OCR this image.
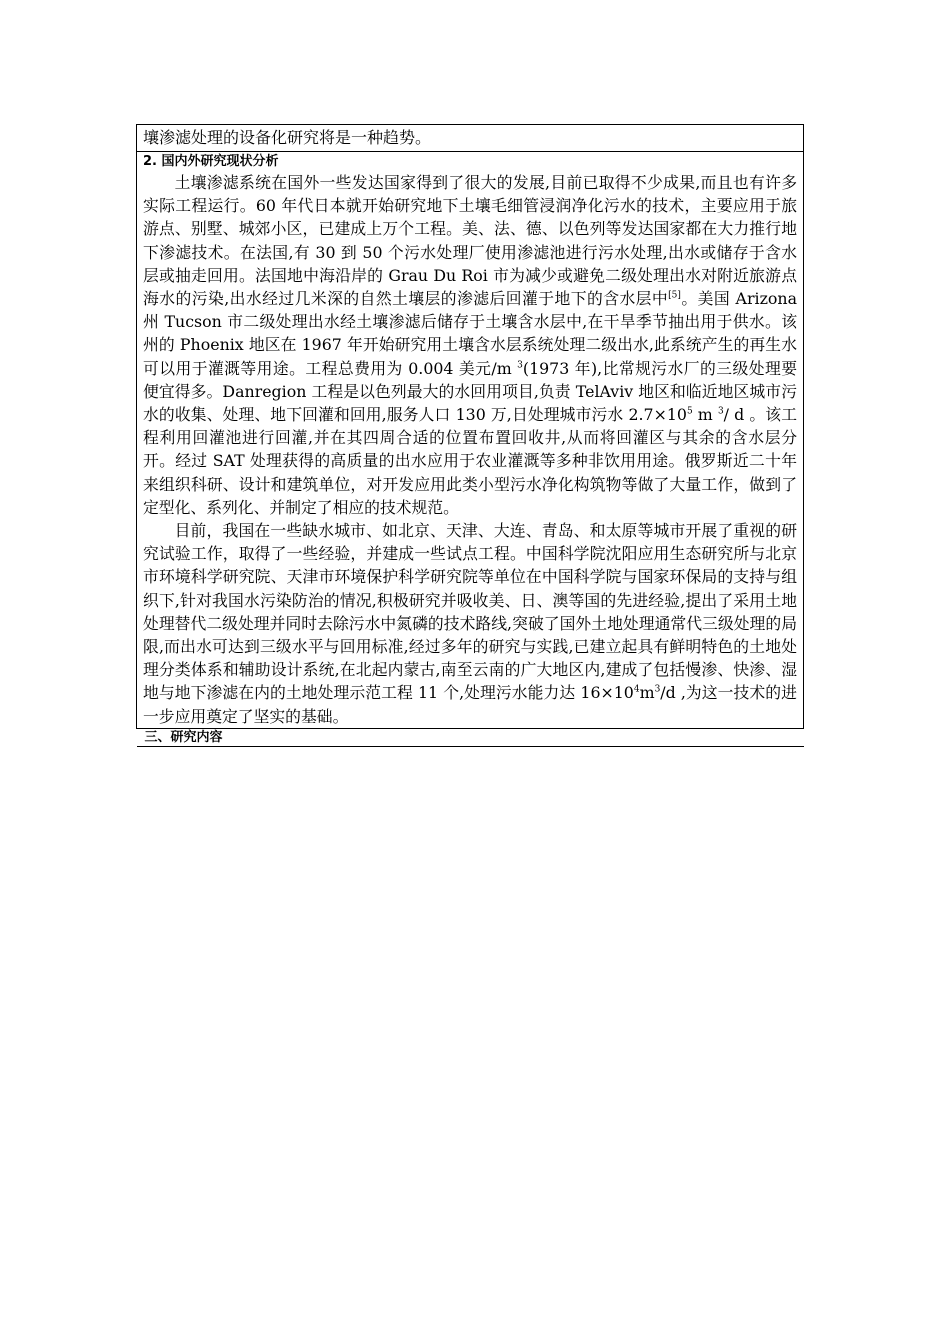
壤渗滤处理的设备化研究将是一种趋势。

2. 国内外研究现状分析

土壤渗滤系统在国外一些发达国家得到了很大的发展,目前已取得不少成果,而且也有许多实际工程运行。60 年代日本就开始研究地下土壤毛细管浸润净化污水的技术，主要应用于旅游点、别墅、城郊小区，已建成上万个工程。美、法、德、以色列等发达国家都在大力推行地下渗滤技术。在法国,有 30 到 50 个污水处理厂使用渗滤池进行污水处理,出水或储存于含水层或抽走回用。法国地中海沿岸的 Grau Du Roi 市为减少或避免二级处理出水对附近旅游点海水的污染,出水经过几米深的自然土壤层的渗滤后回灌于地下的含水层中[5]。美国 Arizona 州 Tucson 市二级处理出水经土壤渗滤后储存于土壤含水层中,在干旱季节抽出用于供水。该州的 Phoenix 地区在 1967 年开始研究用土壤含水层系统处理二级出水,此系统产生的再生水可以用于灌溉等用途。工程总费用为 0.004 美元/m $^3$(1973 年),比常规污水厂的三级处理要便宜得多。Danregion 工程是以色列最大的水回用项目,负责 TelAviv 地区和临近地区城市污水的收集、处理、地下回灌和回用,服务人口 130 万,日处理城市污水 $2.7\times 10^5$ m $^3$/ d 。该工程利用回灌池进行回灌,并在其四周合适的位置布置回收井,从而将回灌区与其余的含水层分开。经过 SAT 处理获得的高质量的出水应用于农业灌溉等多种非饮用用途。俄罗斯近二十年来组织科研、设计和建筑单位，对开发应用此类小型污水净化构筑物等做了大量工作，做到了定型化、系列化、并制定了相应的技术规范。

目前，我国在一些缺水城市、如北京、天津、大连、青岛、和太原等城市开展了重视的研究试验工作，取得了一些经验，并建成一些试点工程。中国科学院沈阳应用生态研究所与北京市环境科学研究院、天津市环境保护科学研究院等单位在中国科学院与国家环保局的支持与组织下,针对我国水污染防治的情况,积极研究并吸收美、日、澳等国的先进经验,提出了采用土地处理替代二级处理并同时去除污水中氮磷的技术路线,突破了国外土地处理通常代三级处理的局限,而出水可达到三级水平与回用标准,经过多年的研究与实践,已建立起具有鲜明特色的土地处理分类体系和辅助设计系统,在北起内蒙古,南至云南的广大地区内,建成了包括慢渗、快渗、湿地与地下渗滤在内的土地处理示范工程 11 个,处理污水能力达 $16\times 10^4m^3/d$ ,为这一技术的进一步应用奠定了坚实的基础。

三、研究内容
